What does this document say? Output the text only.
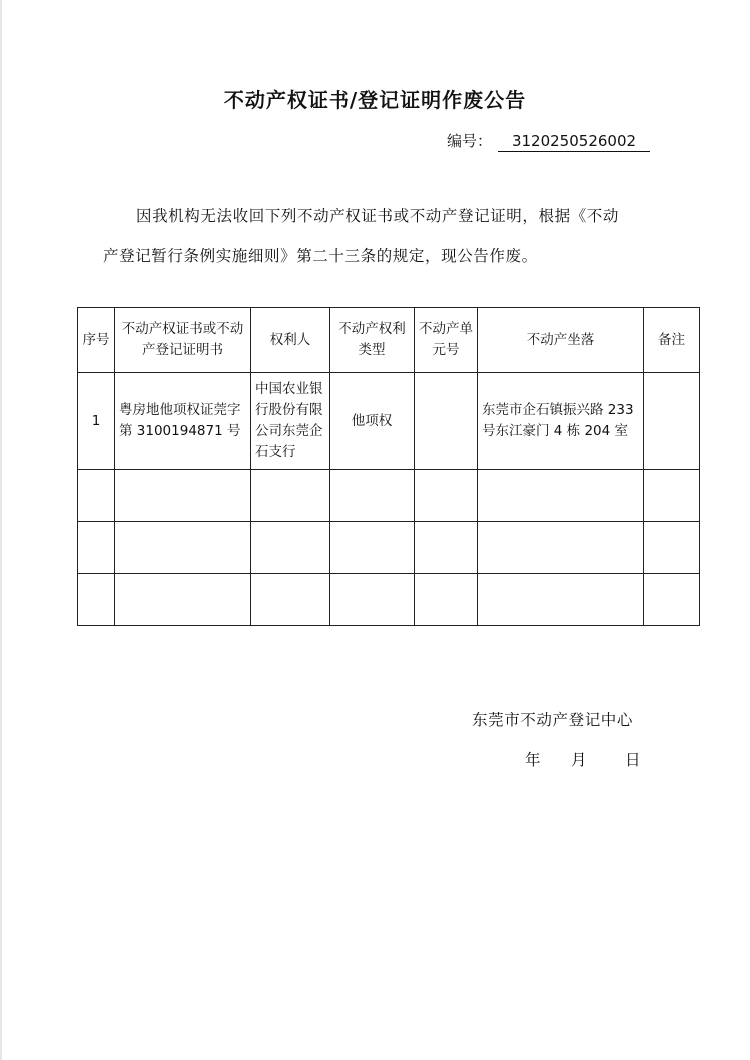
不动产权证书/登记证明作废公告
编号： 3120250526002
因我机构无法收回下列不动产权证书或不动产登记证明，根据《不动
产登记暂行条例实施细则》第二十三条的规定，现公告作废。
序号	不动产权证书或不动产登记证明书	权利人	不动产权利类型	不动产单元号	不动产坐落	备注
1	粤房地他项权证莞字第 3100194871 号	中国农业银行股份有限公司东莞企石支行	他项权		东莞市企石镇振兴路 233 号东江豪门 4 栋 204 室	

东莞市不动产登记中心
年 月 日
